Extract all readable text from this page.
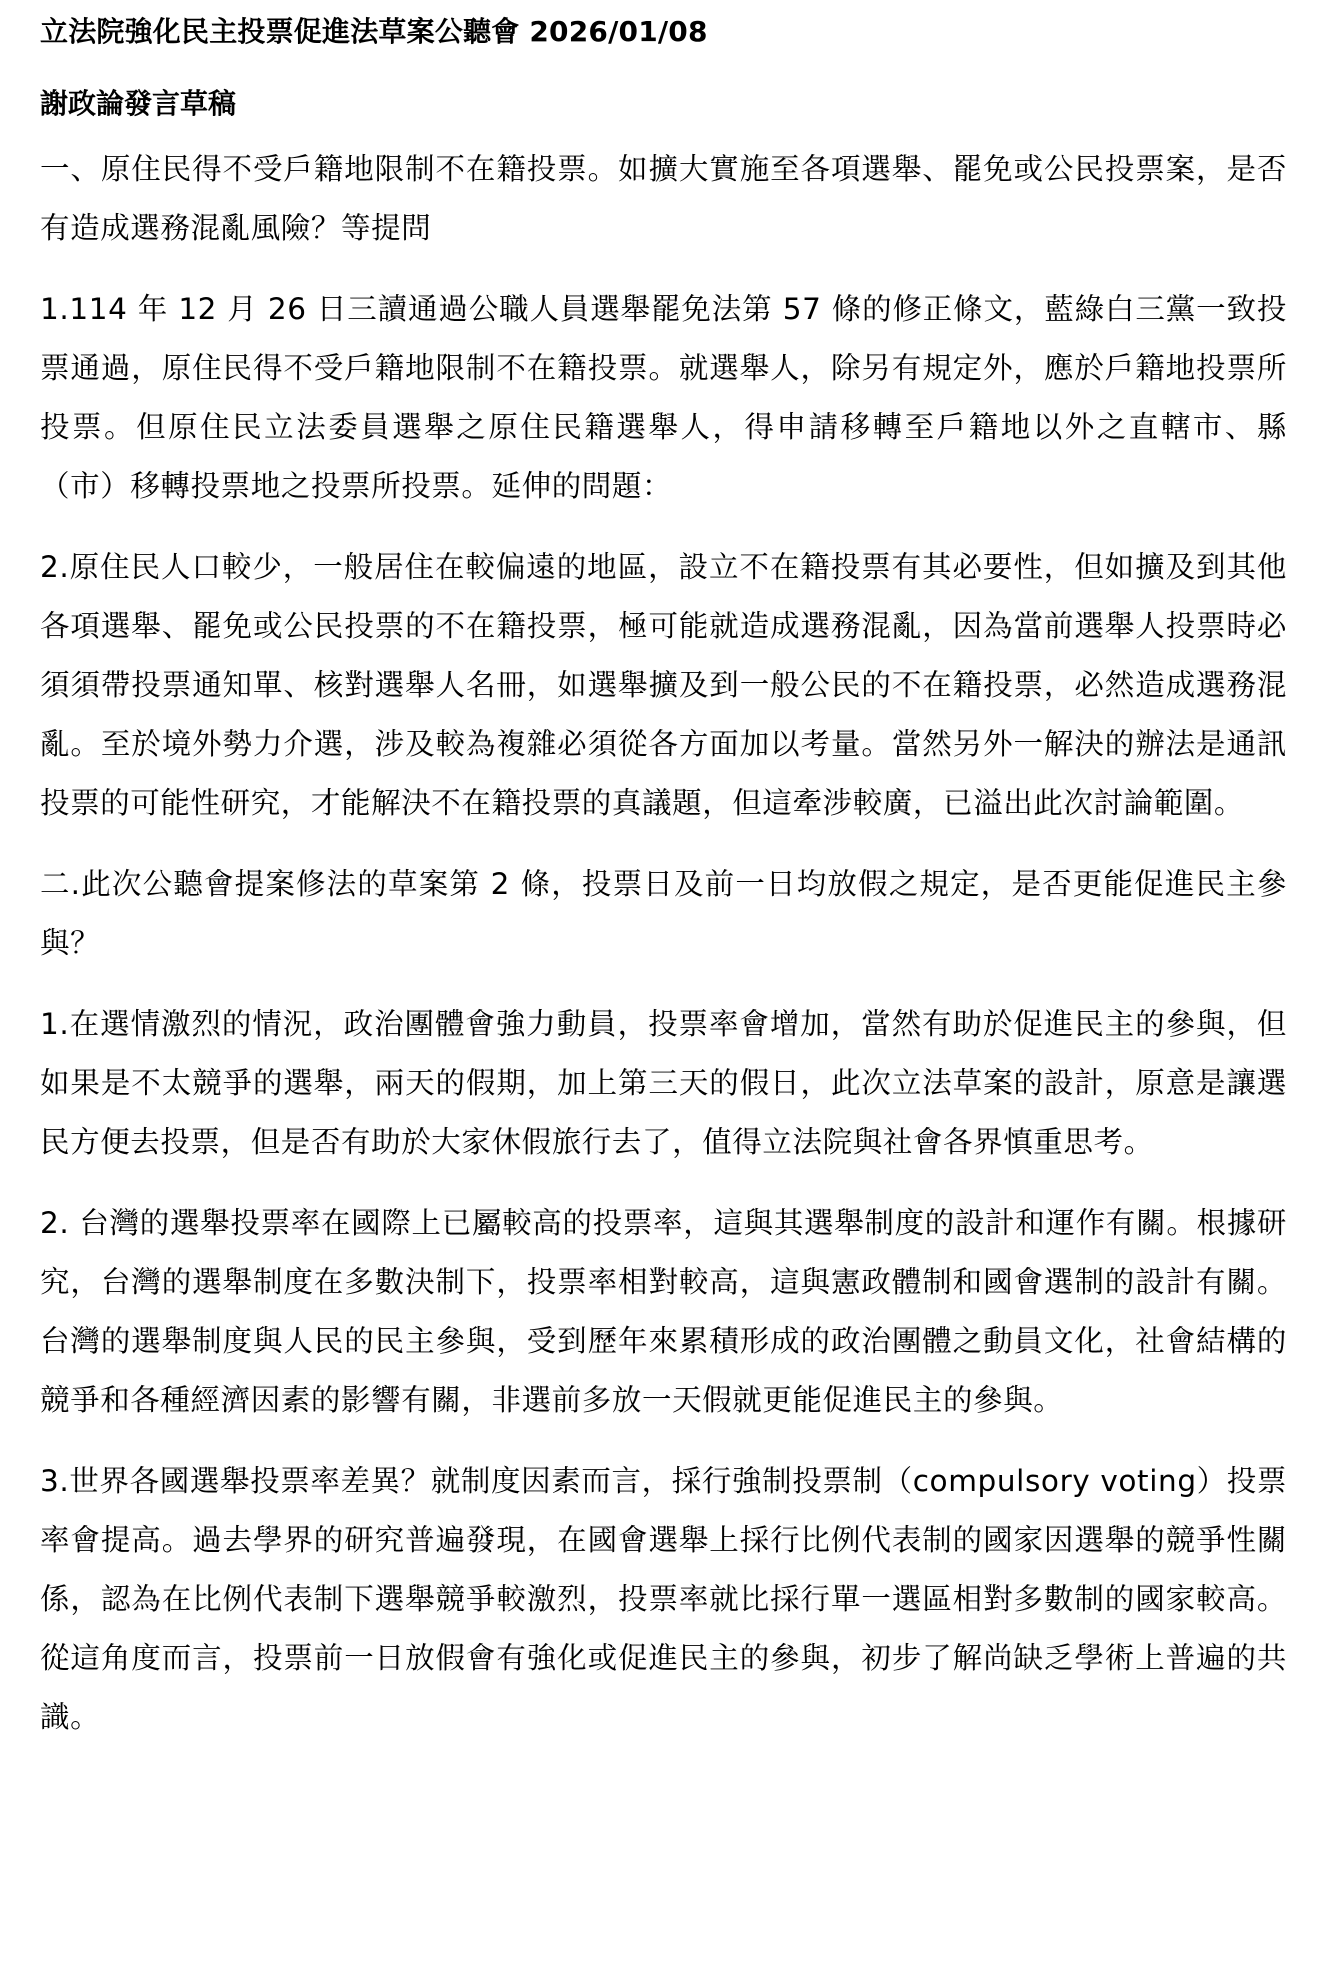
立法院強化民主投票促進法草案公聽會 2026/01/08
謝政論發言草稿

一、原住民得不受戶籍地限制不在籍投票。如擴大實施至各項選舉、罷免或公民投票案，是否有造成選務混亂風險？等提問

1.114 年 12 月 26 日三讀通過公職人員選舉罷免法第 57 條的修正條文，藍綠白三黨一致投票通過，原住民得不受戶籍地限制不在籍投票。就選舉人，除另有規定外，應於戶籍地投票所投票。但原住民立法委員選舉之原住民籍選舉人，得申請移轉至戶籍地以外之直轄市、縣（市）移轉投票地之投票所投票。延伸的問題：

2.原住民人口較少，一般居住在較偏遠的地區，設立不在籍投票有其必要性，但如擴及到其他各項選舉、罷免或公民投票的不在籍投票，極可能就造成選務混亂，因為當前選舉人投票時必須須帶投票通知單、核對選舉人名冊，如選舉擴及到一般公民的不在籍投票，必然造成選務混亂。至於境外勢力介選，涉及較為複雜必須從各方面加以考量。當然另外一解決的辦法是通訊投票的可能性研究，才能解決不在籍投票的真議題，但這牽涉較廣，已溢出此次討論範圍。

二.此次公聽會提案修法的草案第 2 條，投票日及前一日均放假之規定，是否更能促進民主參與？

1.在選情激烈的情況，政治團體會強力動員，投票率會增加，當然有助於促進民主的參與，但如果是不太競爭的選舉，兩天的假期，加上第三天的假日，此次立法草案的設計，原意是讓選民方便去投票，但是否有助於大家休假旅行去了，值得立法院與社會各界慎重思考。

2. 台灣的選舉投票率在國際上已屬較高的投票率，這與其選舉制度的設計和運作有關。根據研究，台灣的選舉制度在多數決制下，投票率相對較高，這與憲政體制和國會選制的設計有關。台灣的選舉制度與人民的民主參與，受到歷年來累積形成的政治團體之動員文化，社會結構的競爭和各種經濟因素的影響有關，非選前多放一天假就更能促進民主的參與。

3.世界各國選舉投票率差異？就制度因素而言，採行強制投票制（compulsory voting）投票率會提高。過去學界的研究普遍發現，在國會選舉上採行比例代表制的國家因選舉的競爭性關係，認為在比例代表制下選舉競爭較激烈，投票率就比採行單一選區相對多數制的國家較高。從這角度而言，投票前一日放假會有強化或促進民主的參與，初步了解尚缺乏學術上普遍的共識。
